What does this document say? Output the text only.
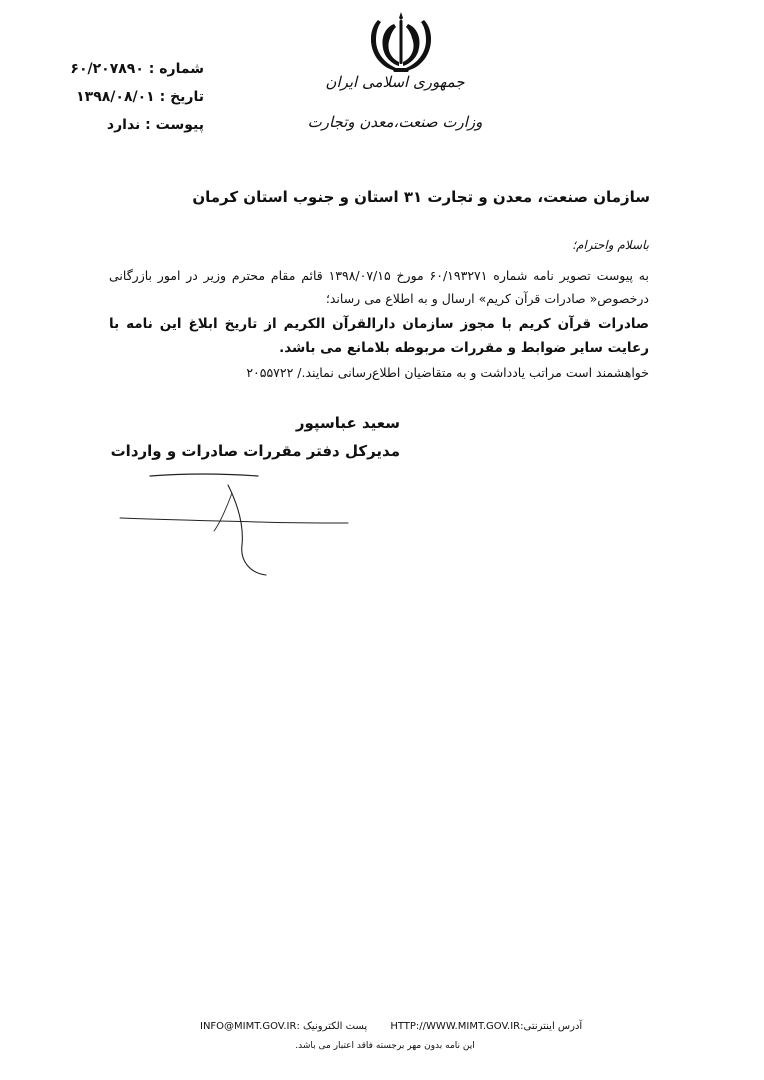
جمهوری اسلامی ایران
وزارت صنعت،معدن وتجارت
شماره : ۶۰/۲۰۷۸۹۰
تاریخ : ۱۳۹۸/۰۸/۰۱
پیوست : ندارد
سازمان صنعت، معدن و تجارت ۳۱ استان و جنوب استان کرمان
باسلام واحترام؛
به پیوست تصویر نامه شماره ۶۰/۱۹۳۲۷۱ مورخ ۱۳۹۸/۰۷/۱۵ قائم مقام محترم وزیر در امور بازرگانی درخصوص« صادرات قرآن کریم» ارسال و به اطلاع می رساند؛
صادرات قرآن کریم با مجوز سازمان دارالقرآن الکریم از تاریخ ابلاغ این نامه با رعایت سایر ضوابط و مقررات مربوطه بلامانع می باشد.
خواهشمند است مراتب یادداشت و به متقاضیان اطلاع‌رسانی نمایند./ ۲۰۵۵۷۲۲
سعید عباسپور
مدیرکل دفتر مقررات صادرات و واردات
پست الکترونیک :INFO@MIMT.GOV.IR آدرس اینترنتی:HTTP://WWW.MIMT.GOV.IR
این نامه بدون مهر برجسته فاقد اعتبار می باشد.
